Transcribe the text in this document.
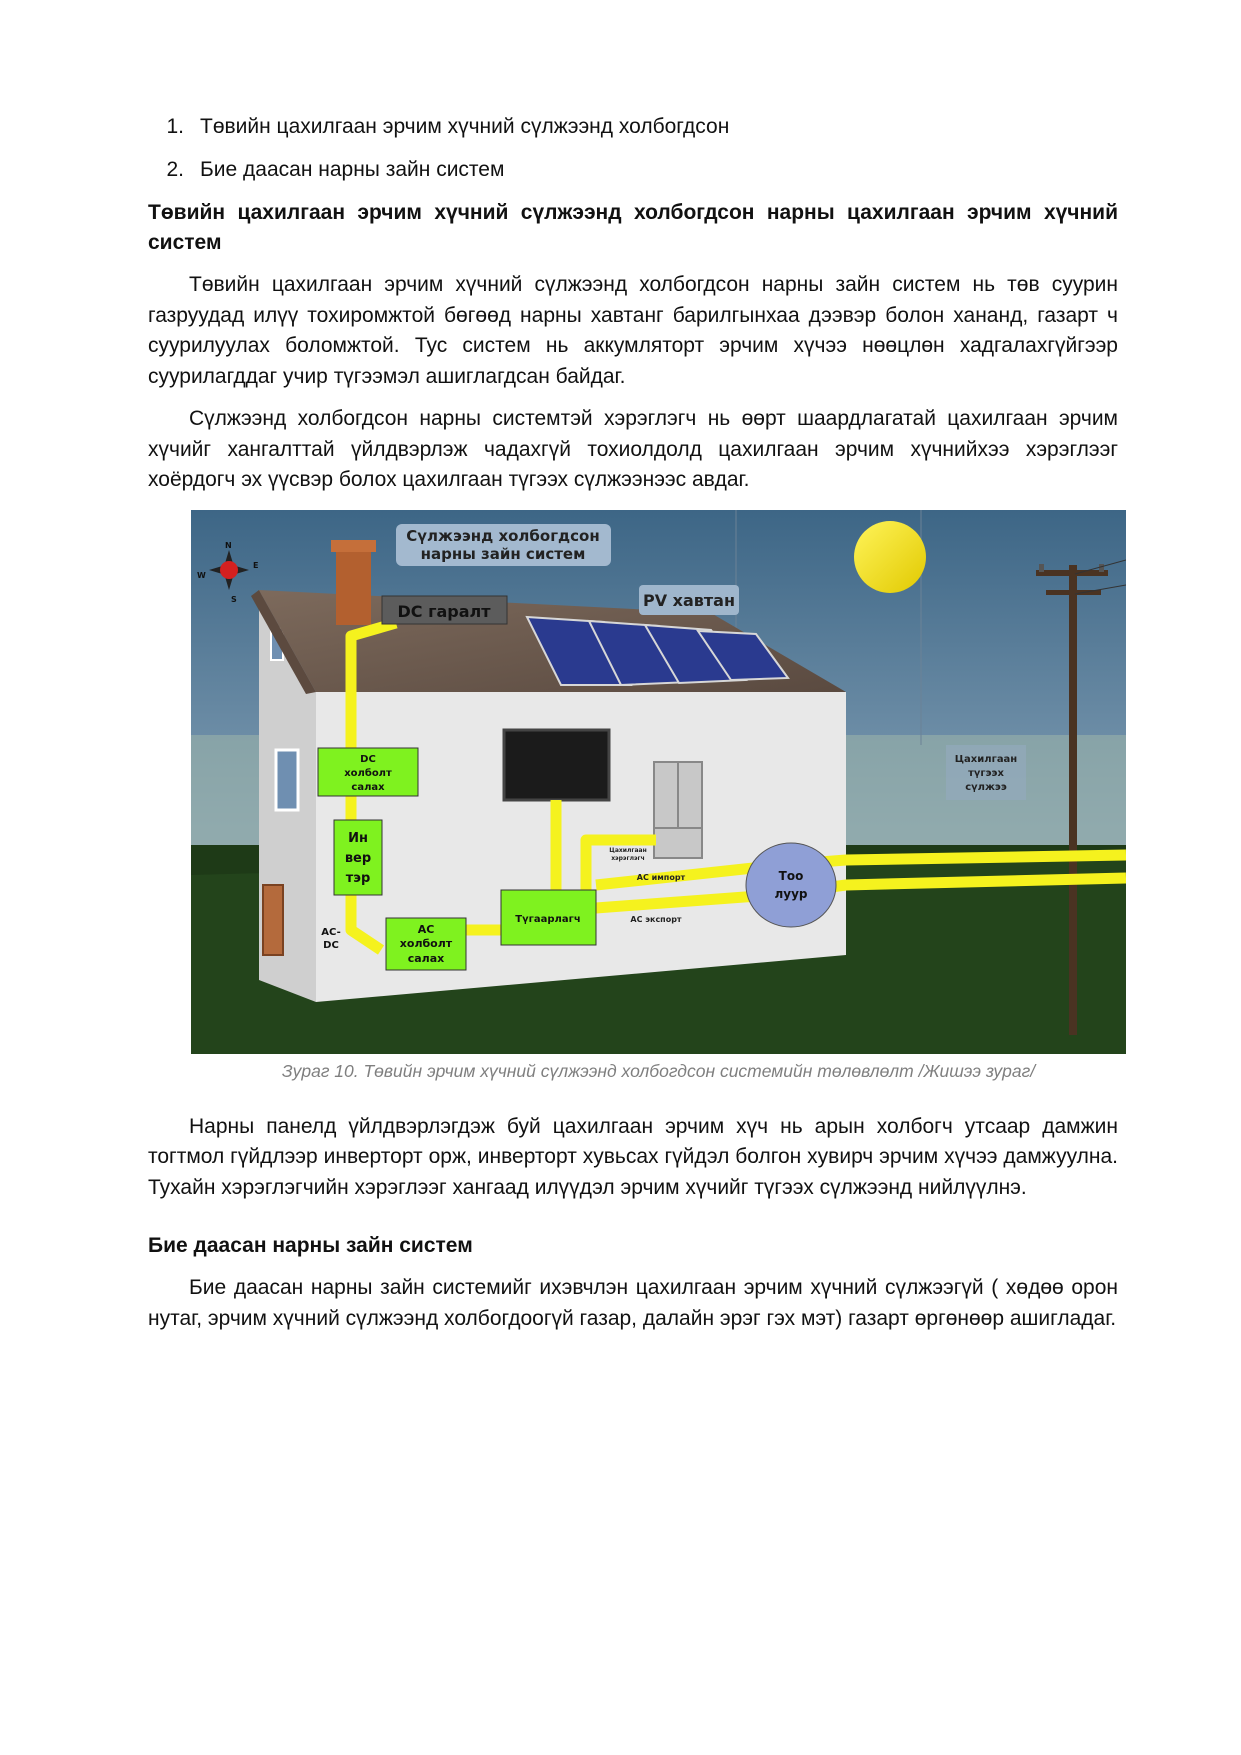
1. Төвийн цахилгаан эрчим хүчний сүлжээнд холбогдсон
2. Бие даасан нарны зайн систем
Төвийн цахилгаан эрчим хүчний сүлжээнд холбогдсон нарны цахилгаан эрчим хүчний систем

Төвийн цахилгаан эрчим хүчний сүлжээнд холбогдсон нарны зайн систем нь төв суурин газруудад илүү тохиромжтой бөгөөд нарны хавтанг барилгынхаа дээвэр болон хананд, газарт ч суурилуулах боломжтой. Тус систем нь аккумляторт эрчим хүчээ нөөцлөн хадгалахгүйгээр суурилагддаг учир түгээмэл ашиглагдсан байдаг.

Сүлжээнд холбогдсон нарны системтэй хэрэглэгч нь өөрт шаардлагатай цахилгаан эрчим хүчийг хангалттай үйлдвэрлэж чадахгүй тохиолдолд цахилгаан эрчим хүчнийхээ хэрэглээг хоёрдогч эх үүсвэр болох цахилгаан түгээх сүлжээнээс авдаг.

Сүлжээнд холбогдсон
нарны зайн систем
DC гаралт
PV хавтан
DC
холболт
салах
Ин
вер
тэр
AC
холболт
салах
AC-
DC
Түгаарлагч
Цахилгаан
хэрэглэгч
AC импорт
AC экспорт
Тоо
луур
Цахилгаан
түгээх
сүлжээ
N
E
W
S
Зураг 10. Төвийн эрчим хүчний сүлжээнд холбогдсон системийн төлөвлөлт /Жишээ зураг/

Нарны панелд үйлдвэрлэгдэж буй цахилгаан эрчим хүч нь арын холбогч утсаар дамжин тогтмол гүйдлээр инверторт орж, инверторт хувьсах гүйдэл болгон хувирч эрчим хүчээ дамжуулна. Тухайн хэрэглэгчийн хэрэглээг хангаад илүүдэл эрчим хүчийг түгээх сүлжээнд нийлүүлнэ.

Бие даасан нарны зайн систем

Бие даасан нарны зайн системийг ихэвчлэн цахилгаан эрчим хүчний сүлжээгүй ( хөдөө орон нутаг, эрчим хүчний сүлжээнд холбогдоогүй газар, далайн эрэг гэх мэт) газарт өргөнөөр ашигладаг.
